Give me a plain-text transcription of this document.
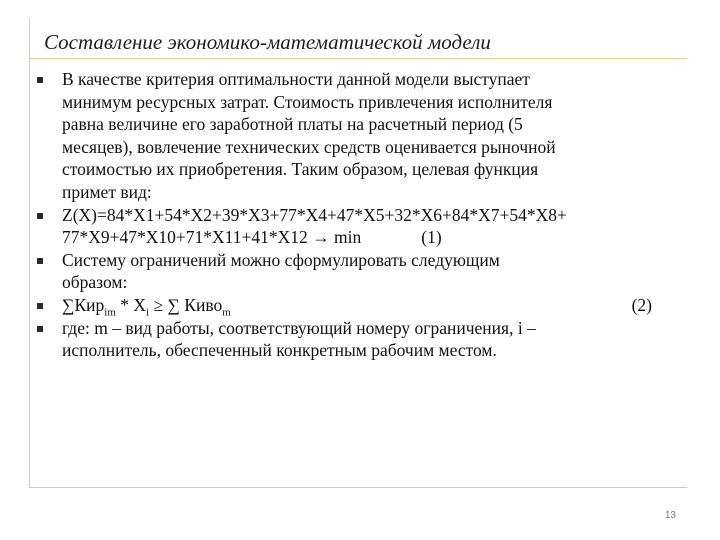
Составление экономико-математической модели
В качестве критерия оптимальности данной модели выступает
минимум ресурсных затрат. Стоимость привлечения исполнителя
равна величине его заработной платы на расчетный период (5
месяцев), вовлечение технических средств оценивается рыночной
стоимостью их приобретения. Таким образом, целевая функция
примет вид:
Z(X)=84*X1+54*X2+39*X3+77*X4+47*X5+32*X6+84*X7+54*X8+
77*X9+47*X10+71*X11+41*X12 → min	(1)
Систему ограничений можно сформулировать следующим
образом:
$\sum Кир_{im} * X_i$ ≥ ∑ Киво$_m$	(2)
где: m – вид работы, соответствующий номеру ограничения, i –
исполнитель, обеспеченный конкретным рабочим местом.
13
